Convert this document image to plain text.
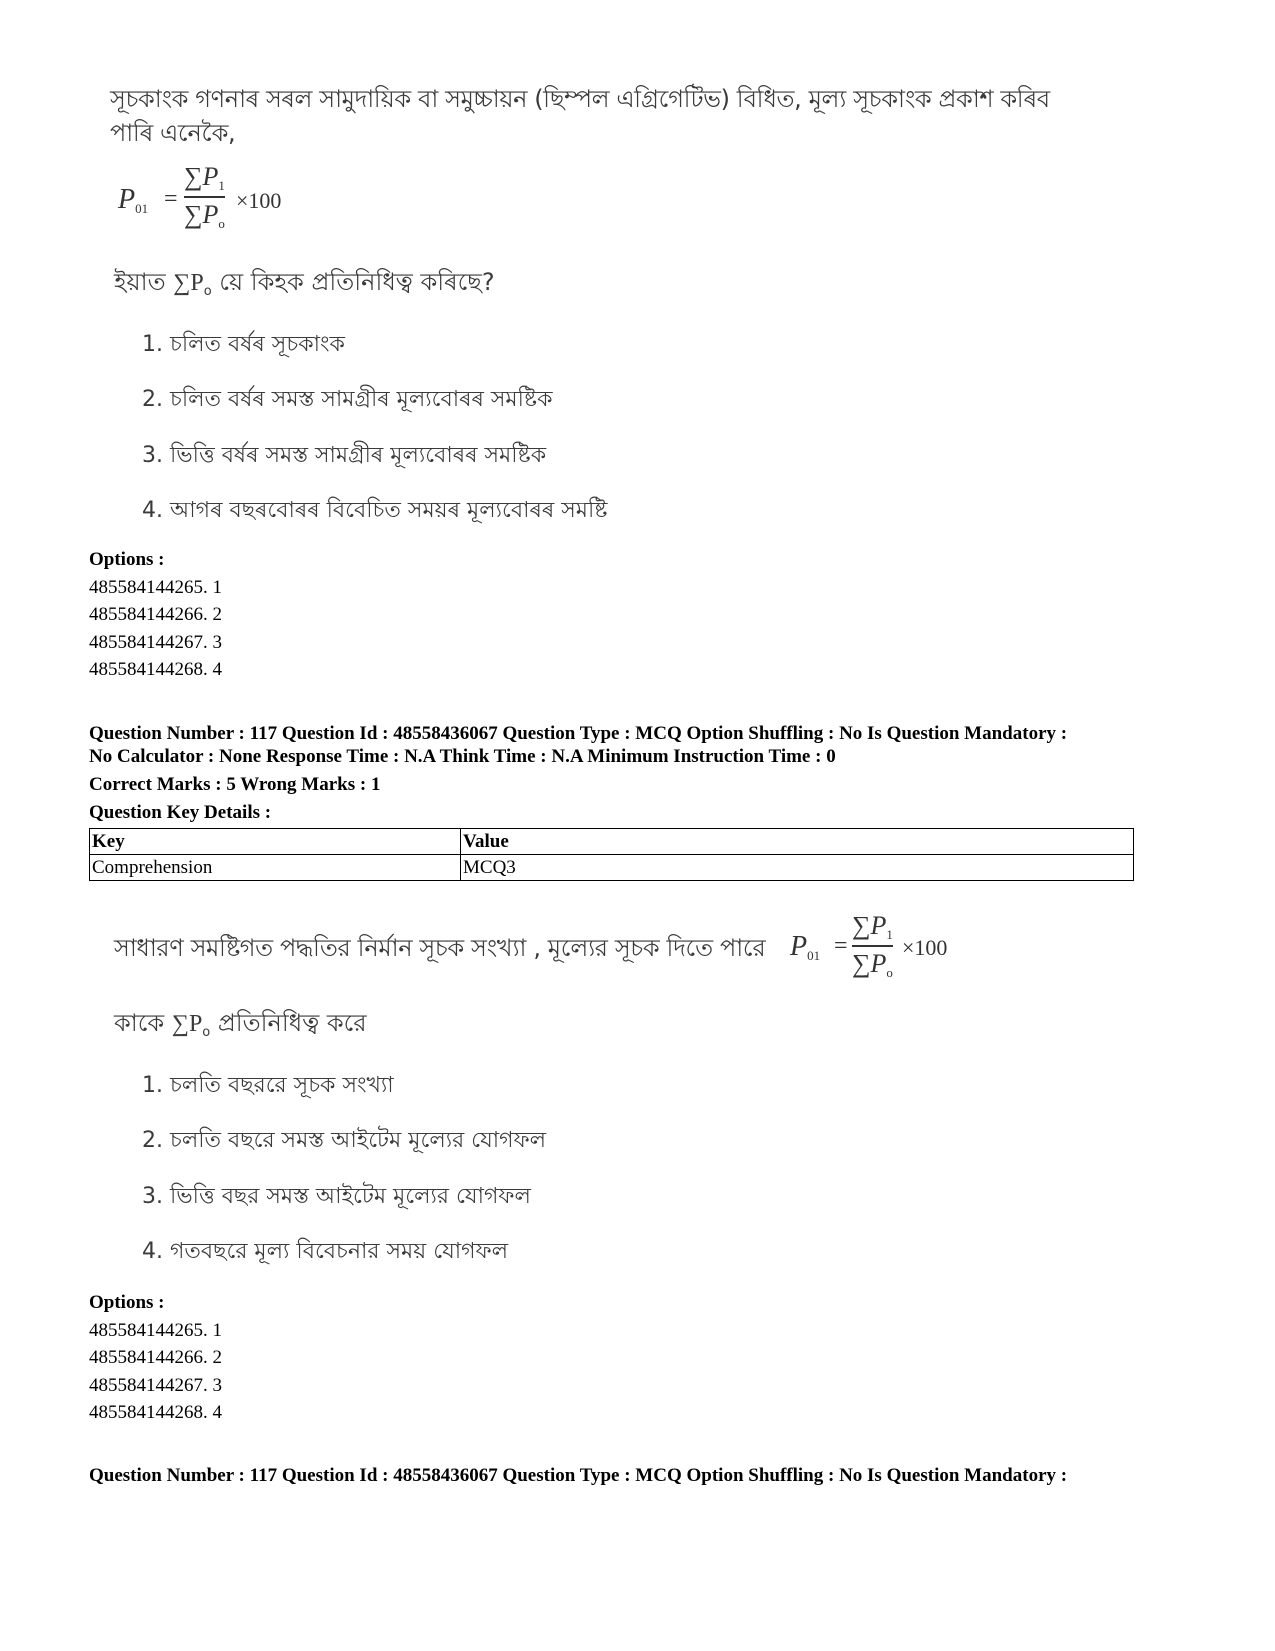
সূচকাংক গণনাৰ সৰল সামুদায়িক বা সমুচ্চায়ন (ছিম্পল এগ্রিগেটিভ) বিধিত, মূল্য সূচকাংক প্ৰকাশ কৰিব পাৰি এনেকৈ,
$P_{01}$ =
$\sum P_1$
$\sum P_o$
×100
ইয়াত $\sum P_o$ য়ে কিহক প্ৰতিনিধিত্ব কৰিছে?
1. চলিত বৰ্ষৰ সূচকাংক
2. চলিত বৰ্ষৰ সমস্ত সামগ্ৰীৰ মূল্যবোৰৰ সমষ্টিক
3. ভিত্তি বৰ্ষৰ সমস্ত সামগ্ৰীৰ মূল্যবোৰৰ সমষ্টিক
4. আগৰ বছৰবোৰৰ বিবেচিত সময়ৰ মূল্যবোৰৰ সমষ্টি
Options :
485584144265. 1
485584144266. 2
485584144267. 3
485584144268. 4
Question Number : 117 Question Id : 48558436067 Question Type : MCQ Option Shuffling : No Is Question Mandatory :
No Calculator : None Response Time : N.A Think Time : N.A Minimum Instruction Time : 0
Correct Marks : 5 Wrong Marks : 1
Question Key Details :
Key	Value
Comprehension	MCQ3
সাধারণ সমষ্টিগত পদ্ধতির নির্মান সূচক সংখ্যা , মূল্যের সূচক দিতে পারে $P_{01}$ =
$\sum P_1$
$\sum P_o$
×100
কাকে $\sum P_o$ প্রতিনিধিত্ব করে
1. চলতি বছররে সূচক সংখ্যা
2. চলতি বছরে সমস্ত আইটেম মূল্যের যোগফল
3. ভিত্তি বছর সমস্ত আইটেম মূল্যের যোগফল
4. গতবছরে মূল্য বিবেচনার সময় যোগফল
Options :
485584144265. 1
485584144266. 2
485584144267. 3
485584144268. 4
Question Number : 117 Question Id : 48558436067 Question Type : MCQ Option Shuffling : No Is Question Mandatory :
